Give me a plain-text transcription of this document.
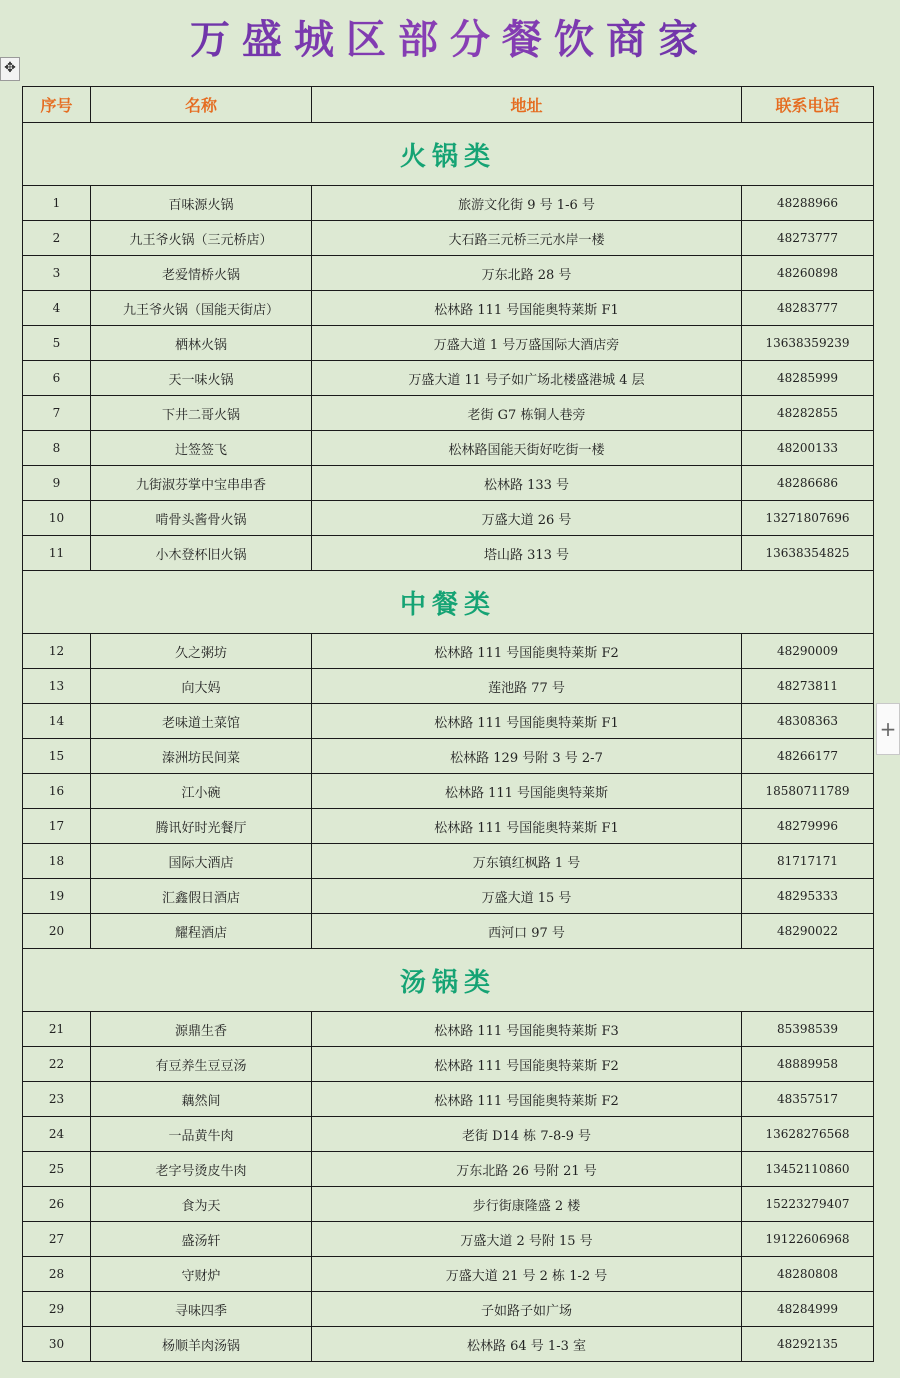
万盛城区部分餐饮商家
✥
+
序号	名称	地址	联系电话
火锅类			
1	百味源火锅	旅游文化街 9 号 1-6 号	48288966
2	九王爷火锅（三元桥店）	大石路三元桥三元水岸一楼	48273777
3	老爱情桥火锅	万东北路 28 号	48260898
4	九王爷火锅（国能天街店）	松林路 111 号国能奥特莱斯 F1	48283777
5	栖林火锅	万盛大道 1 号万盛国际大酒店旁	13638359239
6	天一味火锅	万盛大道 11 号子如广场北楼盛港城 4 层	48285999
7	下井二哥火锅	老街 G7 栋铜人巷旁	48282855
8	辻签签飞	松林路国能天街好吃街一楼	48200133
9	九街淑芬掌中宝串串香	松林路 133 号	48286686
10	啃骨头酱骨火锅	万盛大道 26 号	13271807696
11	小木登杯旧火锅	塔山路 313 号	13638354825
中餐类			
12	久之粥坊	松林路 111 号国能奥特莱斯 F2	48290009
13	向大妈	莲池路 77 号	48273811
14	老味道土菜馆	松林路 111 号国能奥特莱斯 F1	48308363
15	溱洲坊民间菜	松林路 129 号附 3 号 2-7	48266177
16	江小碗	松林路 111 号国能奥特莱斯	18580711789
17	腾讯好时光餐厅	松林路 111 号国能奥特莱斯 F1	48279996
18	国际大酒店	万东镇红枫路 1 号	81717171
19	汇鑫假日酒店	万盛大道 15 号	48295333
20	耀程酒店	西河口 97 号	48290022
汤锅类			
21	源鼎生香	松林路 111 号国能奥特莱斯 F3	85398539
22	有豆养生豆豆汤	松林路 111 号国能奥特莱斯 F2	48889958
23	藕然间	松林路 111 号国能奥特莱斯 F2	48357517
24	一品黄牛肉	老街 D14 栋 7-8-9 号	13628276568
25	老字号烫皮牛肉	万东北路 26 号附 21 号	13452110860
26	食为天	步行街康隆盛 2 楼	15223279407
27	盛汤轩	万盛大道 2 号附 15 号	19122606968
28	守财炉	万盛大道 21 号 2 栋 1-2 号	48280808
29	寻味四季	子如路子如广场	48284999
30	杨顺羊肉汤锅	松林路 64 号 1-3 室	48292135
